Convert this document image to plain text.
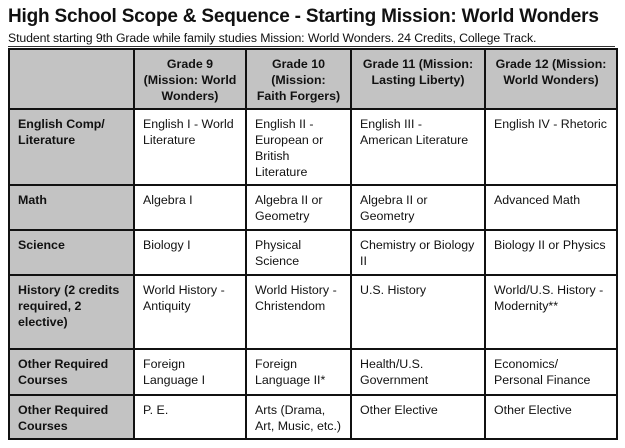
High School Scope & Sequence - Starting Mission: World Wonders
Student starting 9th Grade while family studies Mission: World Wonders. 24 Credits, College Track.
	Grade 9 (Mission: World Wonders)	Grade 10 (Mission: Faith Forgers)	Grade 11 (Mission: Lasting Liberty)	Grade 12 (Mission: World Wonders)
English Comp/ Literature	English I - World Literature	English II - European or British Literature	English III - American Literature	English IV - Rhetoric
Math	Algebra I	Algebra II or Geometry	Algebra II or Geometry	Advanced Math
Science	Biology I	Physical Science	Chemistry or Biology II	Biology II or Physics
History (2 credits required, 2 elective)	World History - Antiquity	World History - Christendom	U.S. History	World/U.S. History - Modernity**
Other Required Courses	Foreign Language I	Foreign Language II*	Health/U.S. Government	Economics/ Personal Finance
Other Required Courses	P. E.	Arts (Drama, Art, Music, etc.)	Other Elective	Other Elective
